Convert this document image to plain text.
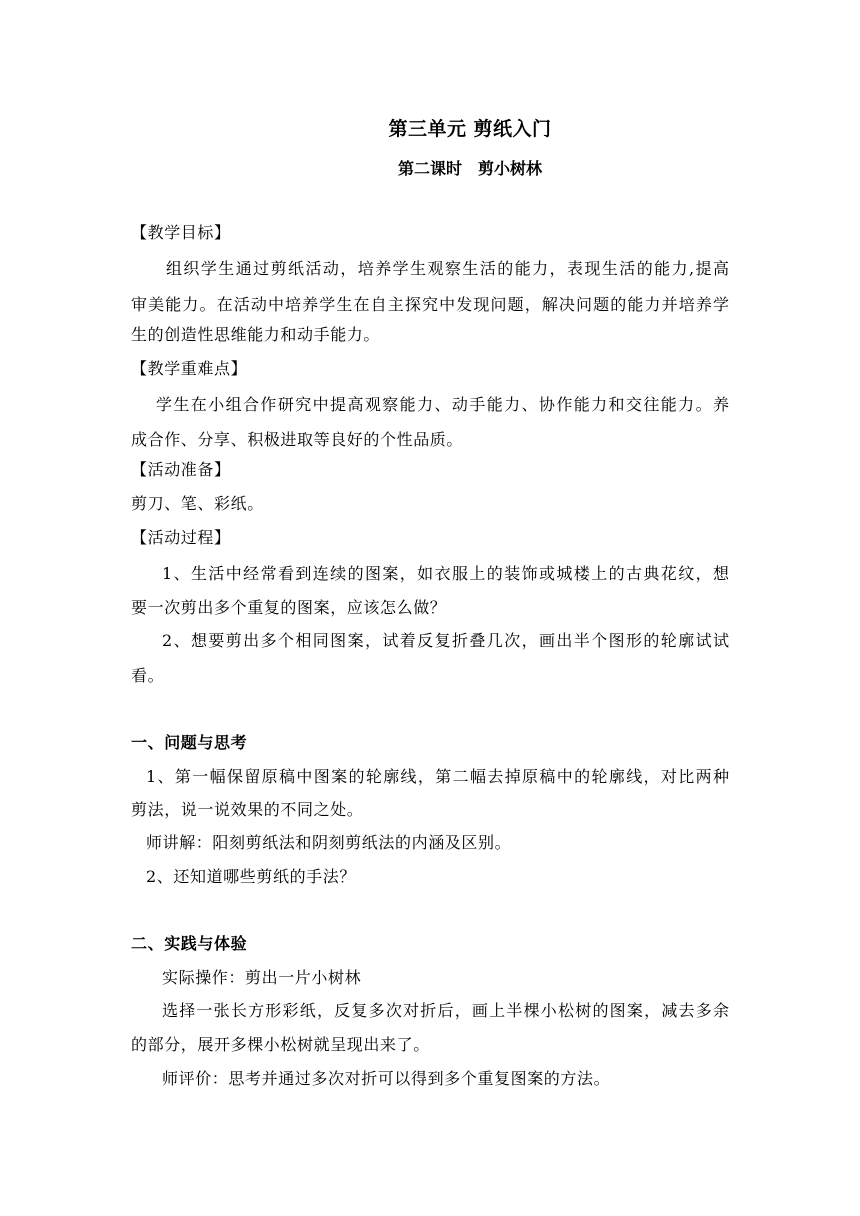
第三单元 剪纸入门
第二课时　剪小树林
【教学目标】
组织学生通过剪纸活动，培养学生观察生活的能力，表现生活的能力,提高
审美能力。在活动中培养学生在自主探究中发现问题，解决问题的能力并培养学
生的创造性思维能力和动手能力。
【教学重难点】
学生在小组合作研究中提高观察能力、动手能力、协作能力和交往能力。养
成合作、分享、积极进取等良好的个性品质。
【活动准备】
剪刀、笔、彩纸。
【活动过程】
1、生活中经常看到连续的图案，如衣服上的装饰或城楼上的古典花纹，想
要一次剪出多个重复的图案，应该怎么做？
2、想要剪出多个相同图案，试着反复折叠几次，画出半个图形的轮廓试试
看。
一、问题与思考
1、第一幅保留原稿中图案的轮廓线，第二幅去掉原稿中的轮廓线，对比两种
剪法，说一说效果的不同之处。
师讲解：阳刻剪纸法和阴刻剪纸法的内涵及区别。
2、还知道哪些剪纸的手法？
二、实践与体验
实际操作：剪出一片小树林
选择一张长方形彩纸，反复多次对折后，画上半棵小松树的图案，减去多余
的部分，展开多棵小松树就呈现出来了。
师评价：思考并通过多次对折可以得到多个重复图案的方法。
